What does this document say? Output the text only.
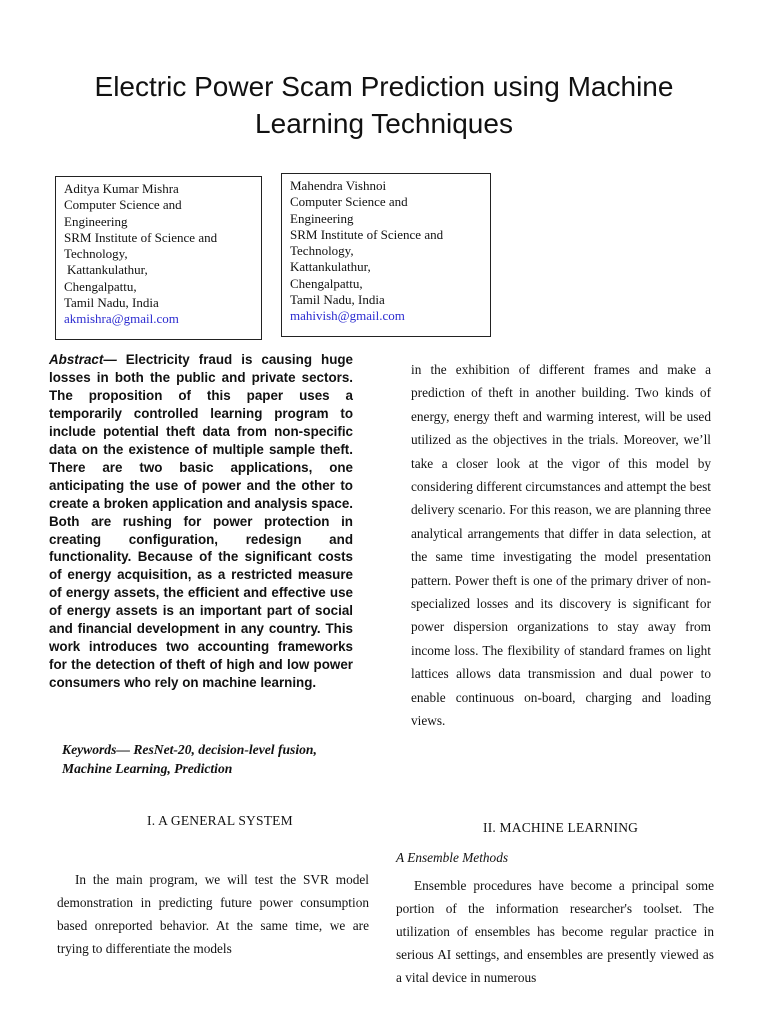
Electric Power Scam Prediction using Machine Learning Techniques
Aditya Kumar Mishra
Computer Science and
Engineering
SRM Institute of Science and
Technology,
Kattankulathur,
Chengalpattu,
Tamil Nadu, India
akmishra@gmail.com
Mahendra Vishnoi
Computer Science and
Engineering
SRM Institute of Science and
Technology,
Kattankulathur,
Chengalpattu,
Tamil Nadu, India
mahivish@gmail.com
Abstract— Electricity fraud is causing huge losses in both the public and private sectors. The proposition of this paper uses a temporarily controlled learning program to include potential theft data from non-specific data on the existence of multiple sample theft. There are two basic applications, one anticipating the use of power and the other to create a broken application and analysis space. Both are rushing for power protection in creating configuration, redesign and functionality. Because of the significant costs of energy acquisition, as a restricted measure of energy assets, the efficient and effective use of energy assets is an important part of social and financial development in any country. This work introduces two accounting frameworks for the detection of theft of high and low power consumers who rely on machine learning.
Keywords— ResNet-20, decision-level fusion, Machine Learning, Prediction
I. A GENERAL SYSTEM

In the main program, we will test the SVR model demonstration in predicting future power consumption based onreported behavior. At the same time, we are trying to differentiate the models

in the exhibition of different frames and make a prediction of theft in another building. Two kinds of energy, energy theft and warming interest, will be used utilized as the objectives in the trials. Moreover, we’ll take a closer look at the vigor of this model by considering different circumstances and attempt the best delivery scenario. For this reason, we are planning three analytical arrangements that differ in data selection, at the same time investigating the model presentation pattern. Power theft is one of the primary driver of non-specialized losses and its discovery is significant for power dispersion organizations to stay away from income loss. The flexibility of standard frames on light lattices allows data transmission and dual power to enable continuous on-board, charging and loading views.

II. MACHINE LEARNING
A Ensemble Methods

Ensemble procedures have become a principal some portion of the information researcher's toolset. The utilization of ensembles has become regular practice in serious AI settings, and ensembles are presently viewed as a vital device in numerous
